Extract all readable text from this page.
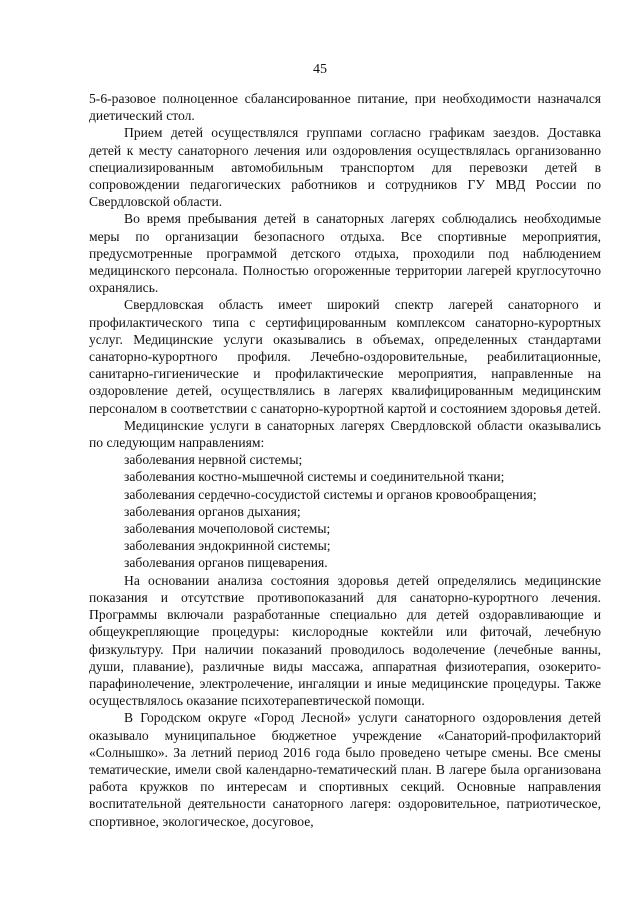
45

5-6-разовое полноценное сбалансированное питание, при необходимости назначался диетический стол.

Прием детей осуществлялся группами согласно графикам заездов. Доставка детей к месту санаторного лечения или оздоровления осуществлялась организованно специализированным автомобильным транспортом для перевозки детей в сопровождении педагогических работников и сотрудников ГУ МВД России по Свердловской области.

Во время пребывания детей в санаторных лагерях соблюдались необходимые меры по организации безопасного отдыха. Все спортивные мероприятия, предусмотренные программой детского отдыха, проходили под наблюдением медицинского персонала. Полностью огороженные территории лагерей круглосуточно охранялись.

Свердловская область имеет широкий спектр лагерей санаторного и профилактического типа с сертифицированным комплексом санаторно-курортных услуг. Медицинские услуги оказывались в объемах, определенных стандартами санаторно-курортного профиля. Лечебно-оздоровительные, реабилитационные, санитарно-гигиенические и профилактические мероприятия, направленные на оздоровление детей, осуществлялись в лагерях квалифицированным медицинским персоналом в соответствии с санаторно-курортной картой и состоянием здоровья детей.

Медицинские услуги в санаторных лагерях Свердловской области оказывались по следующим направлениям:

заболевания нервной системы;
заболевания костно-мышечной системы и соединительной ткани;
заболевания сердечно-сосудистой системы и органов кровообращения;
заболевания органов дыхания;
заболевания мочеполовой системы;
заболевания эндокринной системы;
заболевания органов пищеварения.

На основании анализа состояния здоровья детей определялись медицинские показания и отсутствие противопоказаний для санаторно-курортного лечения. Программы включали разработанные специально для детей оздоравливающие и общеукрепляющие процедуры: кислородные коктейли или фиточай, лечебную физкультуру. При наличии показаний проводилось водолечение (лечебные ванны, души, плавание), различные виды массажа, аппаратная физиотерапия, озокерито-парафинолечение, электролечение, ингаляции и иные медицинские процедуры. Также осуществлялось оказание психотерапевтической помощи.

В Городском округе «Город Лесной» услуги санаторного оздоровления детей оказывало муниципальное бюджетное учреждение «Санаторий-профилакторий «Солнышко». За летний период 2016 года было проведено четыре смены. Все смены тематические, имели свой календарно-тематический план. В лагере была организована работа кружков по интересам и спортивных секций. Основные направления воспитательной деятельности санаторного лагеря: оздоровительное, патриотическое, спортивное, экологическое, досуговое,
